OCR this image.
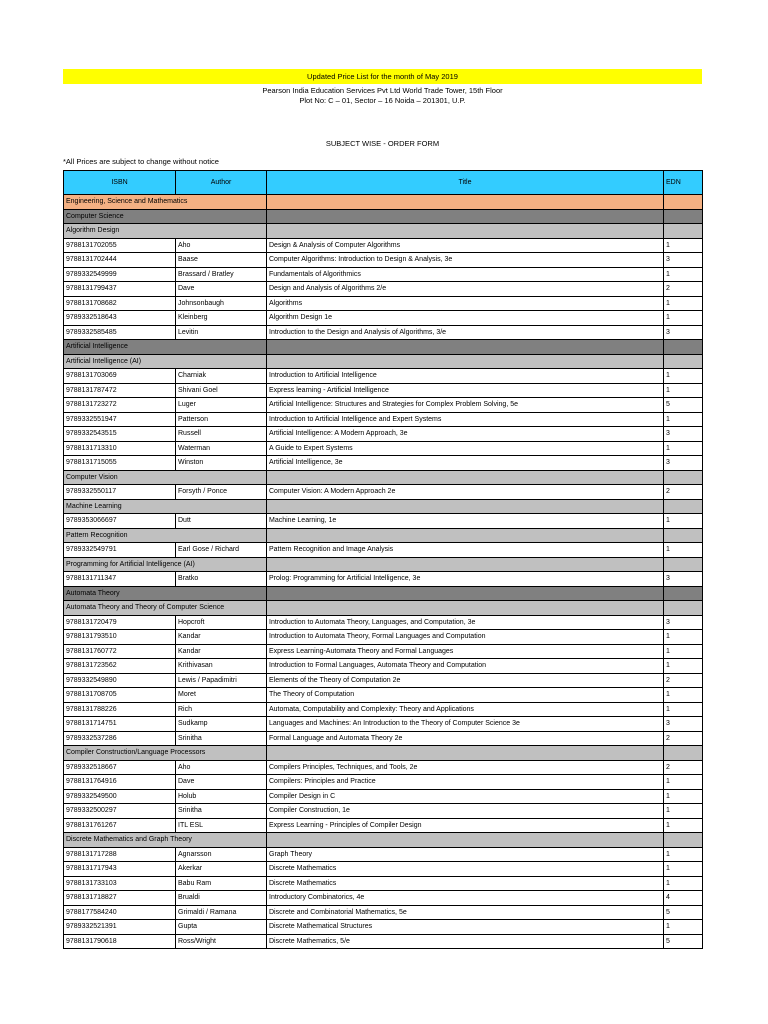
Updated Price List for the month of May 2019
Pearson India Education Services Pvt Ltd World Trade Tower, 15th Floor
Plot No: C – 01, Sector – 16 Noida – 201301, U.P.
SUBJECT WISE - ORDER FORM
*All Prices are subject to change without notice
ISBN	Author	Title	EDN
Engineering, Science and Mathematics			
Computer Science			
Algorithm Design			
9788131702055	Aho	Design & Analysis of Computer Algorithms	1
9788131702444	Baase	Computer Algorithms: Introduction to Design & Analysis, 3e	3
9789332549999	Brassard / Bratley	Fundamentals of Algorithmics	1
9788131799437	Dave	Design and Analysis of Algorithms 2/e	2
9788131708682	Johnsonbaugh	Algorithms	1
9789332518643	Kleinberg	Algorithm Design 1e	1
9789332585485	Levitin	Introduction to the Design and Analysis of Algorithms, 3/e	3
Artificial Intelligence			
Artificial Intelligence (AI)			
9788131703069	Charniak	Introduction to Artificial Intelligence	1
9788131787472	Shivani Goel	Express learning - Artificial Intelligence	1
9788131723272	Luger	Artificial Intelligence: Structures and Strategies for Complex Problem Solving, 5e	5
9789332551947	Patterson	Introduction to Artificial Intelligence and Expert Systems	1
9789332543515	Russell	Artificial Intelligence: A Modern Approach, 3e	3
9788131713310	Waterman	A Guide to Expert Systems	1
9788131715055	Winston	Artificial Intelligence, 3e	3
Computer Vision			
9789332550117	Forsyth / Ponce	Computer Vision: A Modern Approach 2e	2
Machine Learning			
9789353066697	Dutt	Machine Learning, 1e	1
Pattern Recognition			
9789332549791	Earl Gose / Richard	Pattern Recognition and Image Analysis	1
Programming for Artificial Intelligence (AI)			
9788131711347	Bratko	Prolog: Programming for Artificial Intelligence, 3e	3
Automata Theory			
Automata Theory and Theory of Computer Science			
9788131720479	Hopcroft	Introduction to Automata Theory, Languages, and Computation, 3e	3
9788131793510	Kandar	Introduction to Automata Theory, Formal Languages and Computation	1
9788131760772	Kandar	Express Learning-Automata Theory and Formal Languages	1
9788131723562	Krithivasan	Introduction to Formal Languages, Automata Theory and Computation	1
9789332549890	Lewis / Papadimitri	Elements of the Theory of Computation 2e	2
9788131708705	Moret	The Theory of Computation	1
9788131788226	Rich	Automata, Computability and Complexity: Theory and Applications	1
9788131714751	Sudkamp	Languages and Machines: An Introduction to the Theory of Computer Science 3e	3
9789332537286	Srinitha	Formal Language and Automata Theory 2e	2
Compiler Construction/Language Processors			
9789332518667	Aho	Compilers Principles, Techniques, and Tools, 2e	2
9788131764916	Dave	Compilers: Principles and Practice	1
9789332549500	Holub	Compiler Design in C	1
9789332500297	Srinitha	Compiler Construction, 1e	1
9788131761267	ITL ESL	Express Learning - Principles of Compiler Design	1
Discrete Mathematics and Graph Theory			
9788131717288	Agnarsson	Graph Theory	1
9788131717943	Akerkar	Discrete Mathematics	1
9788131733103	Babu Ram	Discrete Mathematics	1
9788131718827	Brualdi	Introductory Combinatorics, 4e	4
9788177584240	Grimaldi / Ramana	Discrete and Combinatorial Mathematics, 5e	5
9789332521391	Gupta	Discrete Mathematical Structures	1
9788131790618	Ross/Wright	Discrete Mathematics, 5/e	5
